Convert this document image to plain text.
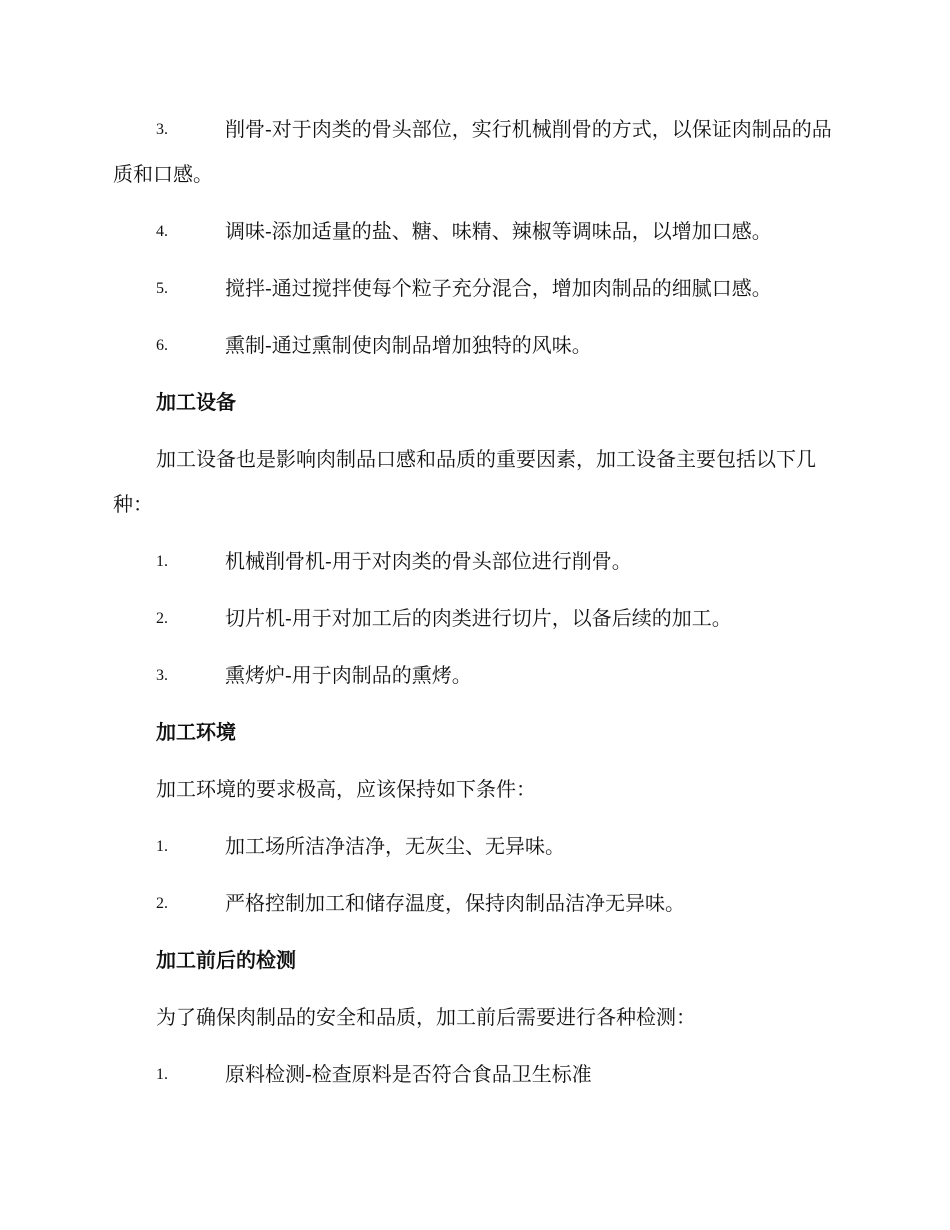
3.	削骨-对于肉类的骨头部位，实行机械削骨的方式，以保证肉制品的品质和口感。
4.	调味-添加适量的盐、糖、味精、辣椒等调味品，以增加口感。
5.	搅拌-通过搅拌使每个粒子充分混合，增加肉制品的细腻口感。
6.	熏制-通过熏制使肉制品增加独特的风味。
加工设备
加工设备也是影响肉制品口感和品质的重要因素，加工设备主要包括以下几种：
1.	机械削骨机-用于对肉类的骨头部位进行削骨。
2.	切片机-用于对加工后的肉类进行切片，以备后续的加工。
3.	熏烤炉-用于肉制品的熏烤。
加工环境
加工环境的要求极高，应该保持如下条件：
1.	加工场所洁净洁净，无灰尘、无异味。
2.	严格控制加工和储存温度，保持肉制品洁净无异味。
加工前后的检测
为了确保肉制品的安全和品质，加工前后需要进行各种检测：
1.	原料检测-检查原料是否符合食品卫生标准
